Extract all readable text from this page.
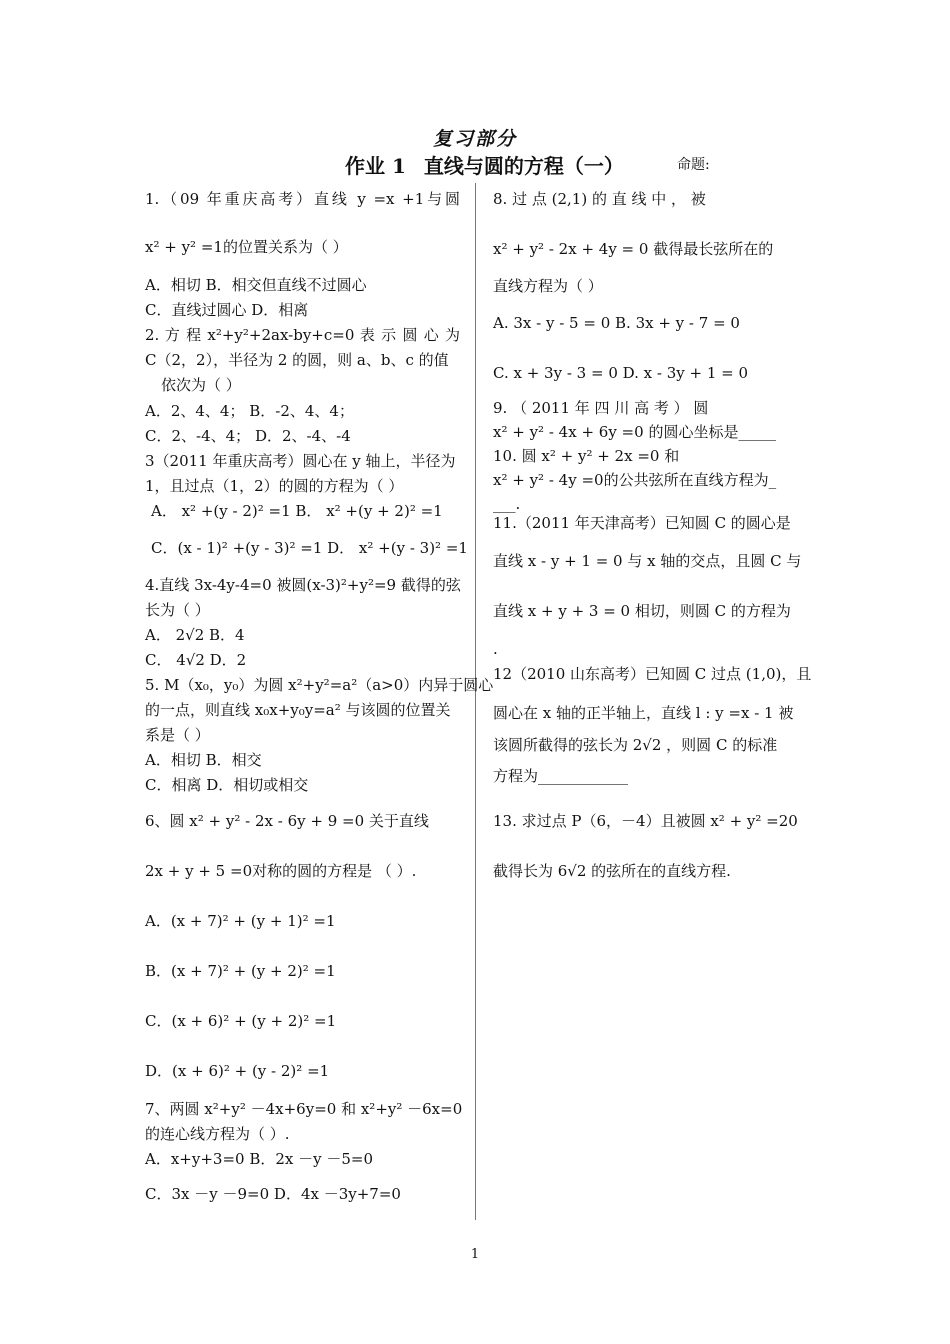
复习部分
作业 1 直线与圆的方程（一）	命题:
1.（09 年重庆高考）直线 y =x +1与圆
x² + y² =1的位置关系为（ ）
A．相切 B．相交但直线不过圆心
C．直线过圆心 D．相离
2. 方 程 x²+y²+2ax-by+c=0 表 示 圆 心 为
C（2，2），半径为 2 的圆，则 a、b、c 的值
依次为（ ）
A．2、4、4； B．-2、4、4；
C．2、-4、4； D．2、-4、-4
3（2011 年重庆高考）圆心在 y 轴上，半径为
1，且过点（1，2）的圆的方程为（ ）
A． x² +(y - 2)² =1 B． x² +(y + 2)² =1
C．(x - 1)² +(y - 3)² =1 D． x² +(y - 3)² =1
4.直线 3x-4y-4=0 被圆(x-3)²+y²=9 截得的弦
长为（ ）
A． 2√2 B．4
C． 4√2 D．2
5. M（x₀，y₀）为圆 x²+y²=a²（a>0）内异于圆心
的一点，则直线 x₀x+y₀y=a² 与该圆的位置关
系是（ ）
A．相切 B．相交
C．相离 D．相切或相交
6、圆 x² + y² - 2x - 6y + 9 =0 关于直线
2x + y + 5 =0对称的圆的方程是 （ ）.
A．(x + 7)² + (y + 1)² =1
B．(x + 7)² + (y + 2)² =1
C．(x + 6)² + (y + 2)² =1
D．(x + 6)² + (y - 2)² =1
7、两圆 x²+y² －4x+6y=0 和 x²+y² －6x=0
的连心线方程为（ ）.
A．x+y+3=0 B．2x －y －5=0
C．3x －y －9=0 D．4x －3y+7=0
8. 过 点 (2,1) 的 直 线 中 ， 被
x² + y² - 2x + 4y = 0 截得最长弦所在的
直线方程为（ ）
A. 3x - y - 5 = 0 B. 3x + y - 7 = 0
C. x + 3y - 3 = 0 D. x - 3y + 1 = 0
9. （ 2011 年 四 川 高 考 ） 圆
x² + y² - 4x + 6y =0 的圆心坐标是_____
10. 圆 x² + y² + 2x =0 和
x² + y² - 4y =0的公共弦所在直线方程为_
___.
11.（2011 年天津高考）已知圆 C 的圆心是
直线 x - y + 1 = 0 与 x 轴的交点，且圆 C 与
直线 x + y + 3 = 0 相切，则圆 C 的方程为
.
12（2010 山东高考）已知圆 C 过点 (1,0)，且
圆心在 x 轴的正半轴上，直线 l : y =x - 1 被
该圆所截得的弦长为 2√2 ，则圆 C 的标准
方程为____________
13. 求过点 P（6，－4）且被圆 x² + y² =20
截得长为 6√2 的弦所在的直线方程.
1
